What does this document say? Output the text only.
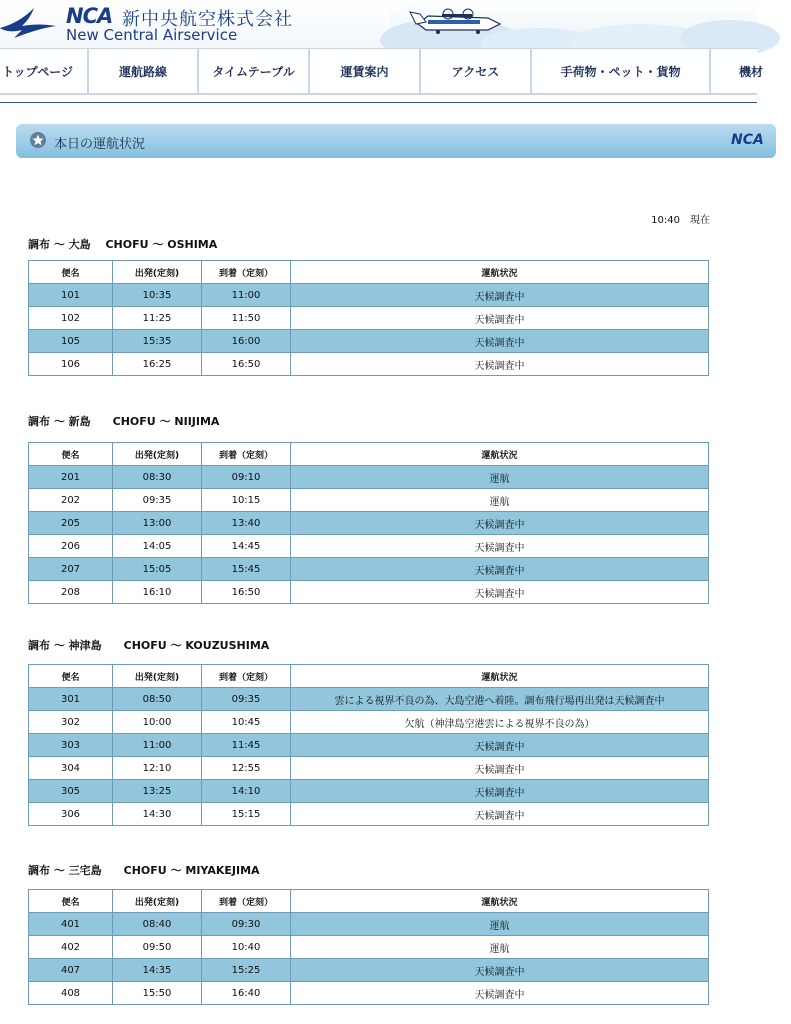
NCA 新中央航空株式会社
New Central Airservice
トップページ	運航路線	タイムテーブル	運賃案内	アクセス	手荷物・ペット・貨物	機材
本日の運航状況	NCA
10:40　現在
調布 〜 大島　 CHOFU 〜 OSHIMA
便名	出発(定刻)	到着（定刻）	運航状況
101	10:35	11:00	天候調査中
102	11:25	11:50	天候調査中
105	15:35	16:00	天候調査中
106	16:25	16:50	天候調査中
調布 〜 新島　　CHOFU 〜 NIIJIMA
便名	出発(定刻)	到着（定刻）	運航状況
201	08:30	09:10	運航
202	09:35	10:15	運航
205	13:00	13:40	天候調査中
206	14:05	14:45	天候調査中
207	15:05	15:45	天候調査中
208	16:10	16:50	天候調査中
調布 〜 神津島　　CHOFU 〜 KOUZUSHIMA
便名	出発(定刻)	到着（定刻）	運航状況
301	08:50	09:35	雲による視界不良の為、大島空港へ着陸。調布飛行場再出発は天候調査中
302	10:00	10:45	欠航（神津島空港雲による視界不良の為）
303	11:00	11:45	天候調査中
304	12:10	12:55	天候調査中
305	13:25	14:10	天候調査中
306	14:30	15:15	天候調査中
調布 〜 三宅島　　CHOFU 〜 MIYAKEJIMA
便名	出発(定刻)	到着（定刻）	運航状況
401	08:40	09:30	運航
402	09:50	10:40	運航
407	14:35	15:25	天候調査中
408	15:50	16:40	天候調査中
